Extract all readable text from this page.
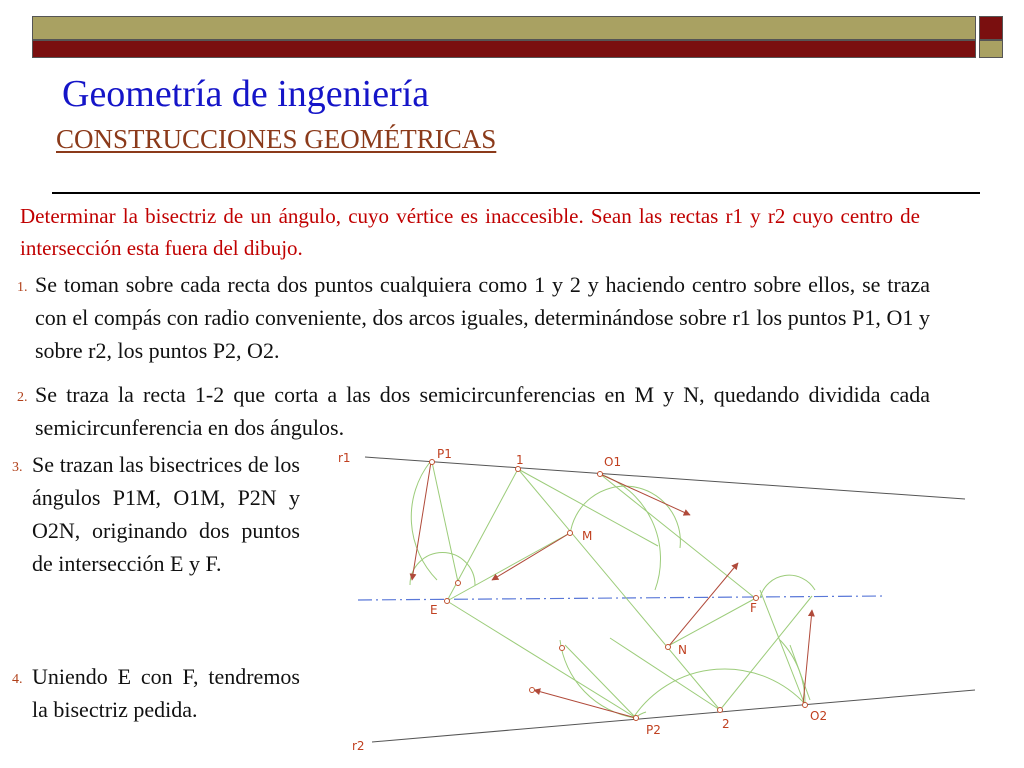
Geometría de ingeniería
CONSTRUCCIONES GEOMÉTRICAS
Determinar la bisectriz de un ángulo, cuyo vértice es inaccesible. Sean las rectas r1 y r2 cuyo centro de intersección esta fuera del dibujo.
1. Se toman sobre cada recta dos puntos cualquiera como 1 y 2 y haciendo centro sobre ellos, se traza con el compás con radio conveniente, dos arcos iguales, determinándose sobre r1 los puntos P1, O1 y sobre r2, los puntos P2, O2.
2. Se traza la recta 1-2 que corta a las dos semicircunferencias en M y N, quedando dividida cada semicircunferencia en dos ángulos.
3. Se trazan las bisectrices de los ángulos P1M, O1M, P2N y O2N, originando dos puntos de intersección E y F.
4. Uniendo E con F, tendremos la bisectriz pedida.
r1	P1	1	O1
M
E	F
N
P2	2
O2
r2
